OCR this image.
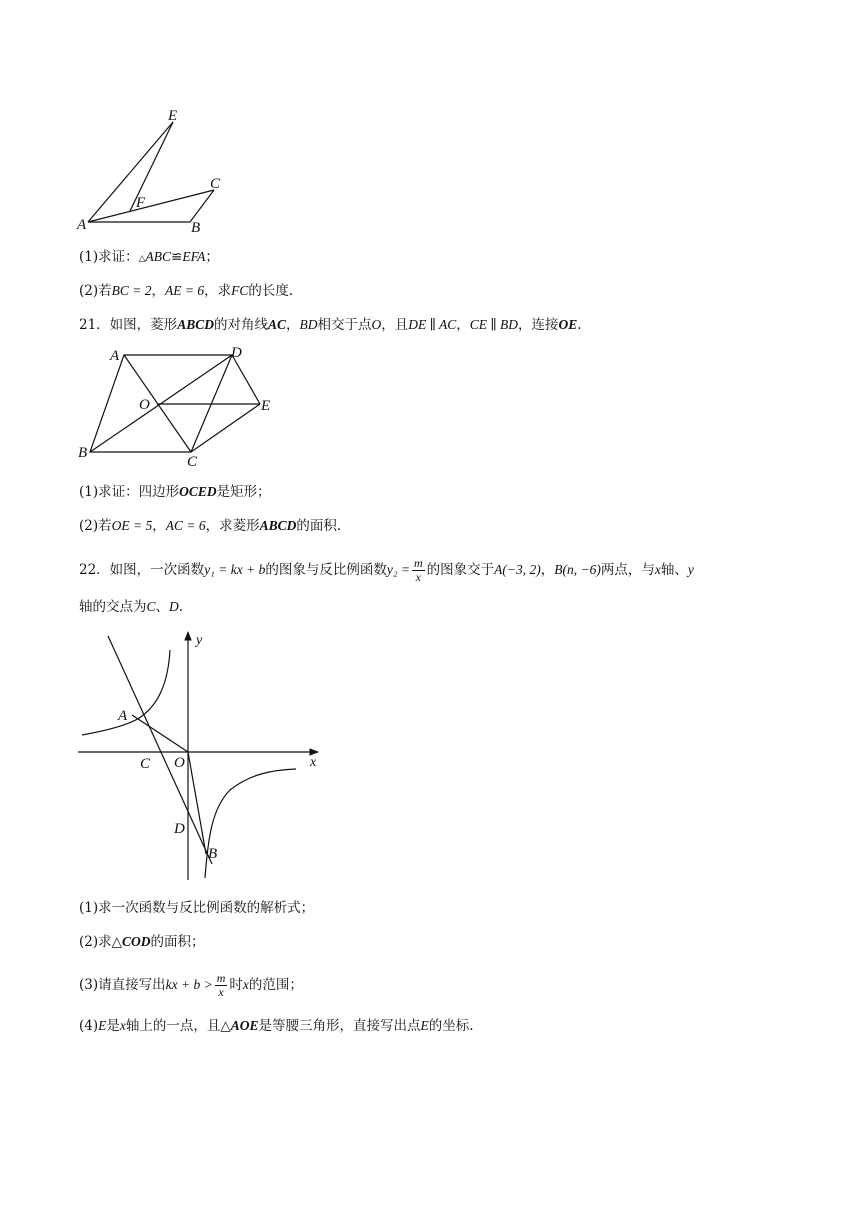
E
F
C
A	B
(1)求证：△ABC≌EFA；
(2)若BC = 2，AE = 6，求FC的长度.
21．如图，菱形ABCD的对角线AC，BD相交于点O，且DE ∥ AC，CE ∥ BD，连接OE.
A	D
O	E
B
C
(1)求证：四边形OCED是矩形；
(2)若OE = 5，AC = 6，求菱形ABCD的面积.
22．如图，一次函数y₁ = kx + b的图象与反比例函数$y_2 = \frac{m}{x}$ 的图象交于A(−3, 2)，B(n, −6)两点，与x轴、y
轴的交点为C、D.
y
x
A
C O
D
B
(1)求一次函数与反比例函数的解析式；
(2)求△COD的面积；
(3)请直接写出kx + $b > \frac{m}{x}$ 时x的范围；
(4)E是x轴上的一点，且△AOE是等腰三角形，直接写出点E的坐标.
